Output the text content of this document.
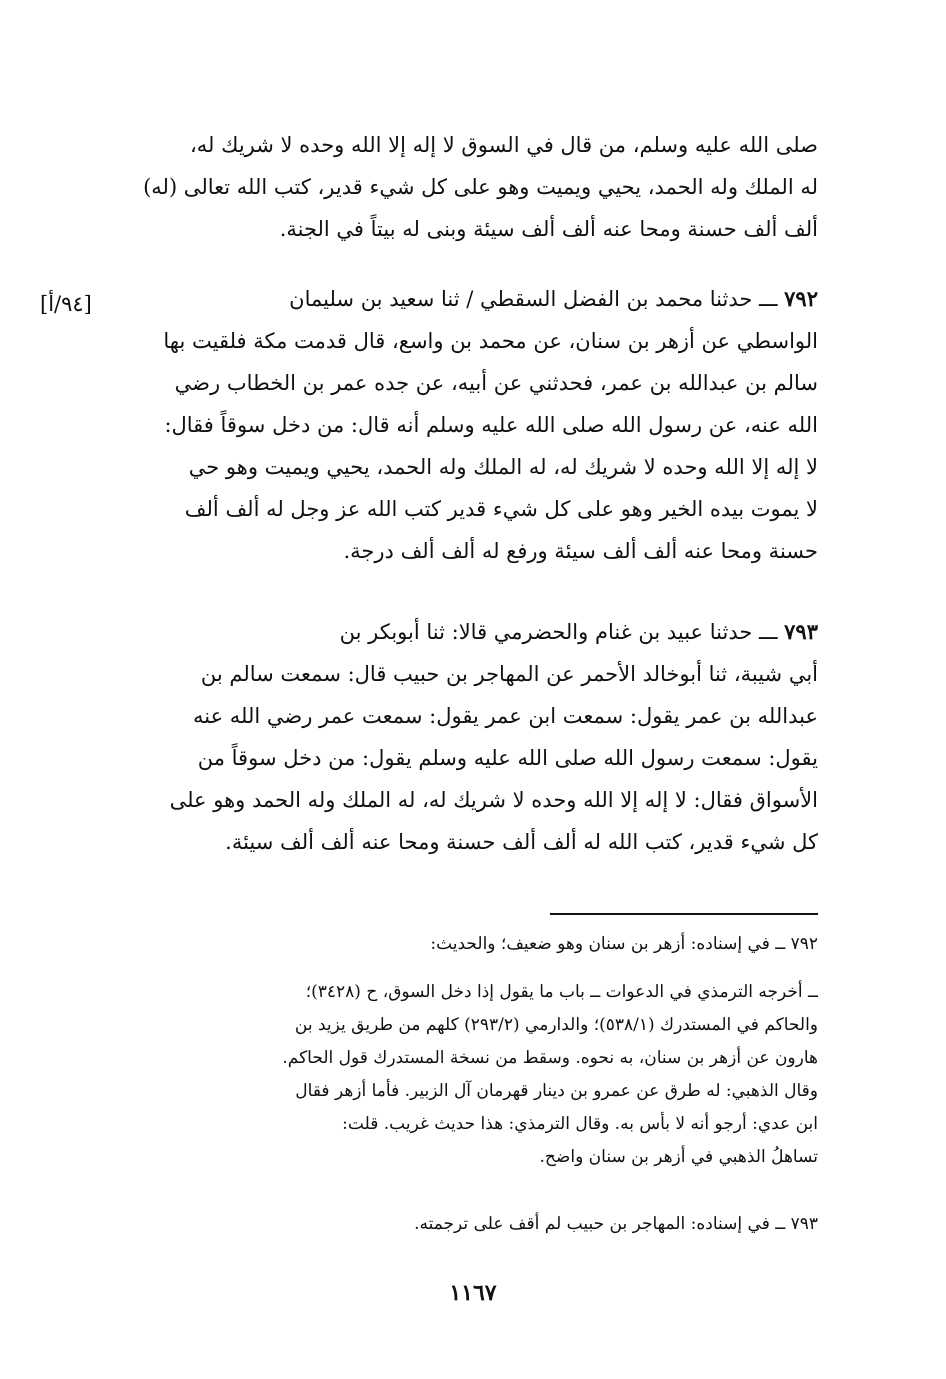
صلى الله عليه وسلم، من قال في السوق لا إله إلا الله وحده لا شريك له،

له الملك وله الحمد، يحيي ويميت وهو على كل شيء قدير، كتب الله تعالى (له)

ألف ألف حسنة ومحا عنه ألف ألف سيئة وبنى له بيتاً في الجنة.

[٩٤/أ]	٧٩٢ ـــ حدثنا محمد بن الفضل السقطي / ثنا سعيد بن سليمان

الواسطي عن أزهر بن سنان، عن محمد بن واسع، قال قدمت مكة فلقيت بها

سالم بن عبدالله بن عمر، فحدثني عن أبيه، عن جده عمر بن الخطاب رضي

الله عنه، عن رسول الله صلى الله عليه وسلم أنه قال: من دخل سوقاً فقال:

لا إله إلا الله وحده لا شريك له، له الملك وله الحمد، يحيي ويميت وهو حي

لا يموت بيده الخير وهو على كل شيء قدير كتب الله عز وجل له ألف ألف

حسنة ومحا عنه ألف ألف سيئة ورفع له ألف ألف درجة.

٧٩٣ ـــ حدثنا عبيد بن غنام والحضرمي قالا: ثنا أبوبكر بن

أبي شيبة، ثنا أبوخالد الأحمر عن المهاجر بن حبيب قال: سمعت سالم بن

عبدالله بن عمر يقول: سمعت ابن عمر يقول: سمعت عمر رضي الله عنه

يقول: سمعت رسول الله صلى الله عليه وسلم يقول: من دخل سوقاً من

الأسواق فقال: لا إله إلا الله وحده لا شريك له، له الملك وله الحمد وهو على

كل شيء قدير، كتب الله له ألف ألف حسنة ومحا عنه ألف ألف سيئة.

٧٩٢ ــ في إسناده: أزهر بن سنان وهو ضعيف؛ والحديث:

ــ أخرجه الترمذي في الدعوات ــ باب ما يقول إذا دخل السوق، ح (٣٤٢٨)؛

والحاكم في المستدرك (٥٣٨/١)؛ والدارمي (٢٩٣/٢) كلهم من طريق يزيد بن

هارون عن أزهر بن سنان، به نحوه. وسقط من نسخة المستدرك قول الحاكم.

وقال الذهبي: له طرق عن عمرو بن دينار قهرمان آل الزبير. فأما أزهر فقال

ابن عدي: أرجو أنه لا بأس به. وقال الترمذي: هذا حديث غريب. قلت:

تساهلُ الذهبي في أزهر بن سنان واضح.

٧٩٣ ــ في إسناده: المهاجر بن حبيب لم أقف على ترجمته.

١١٦٧
